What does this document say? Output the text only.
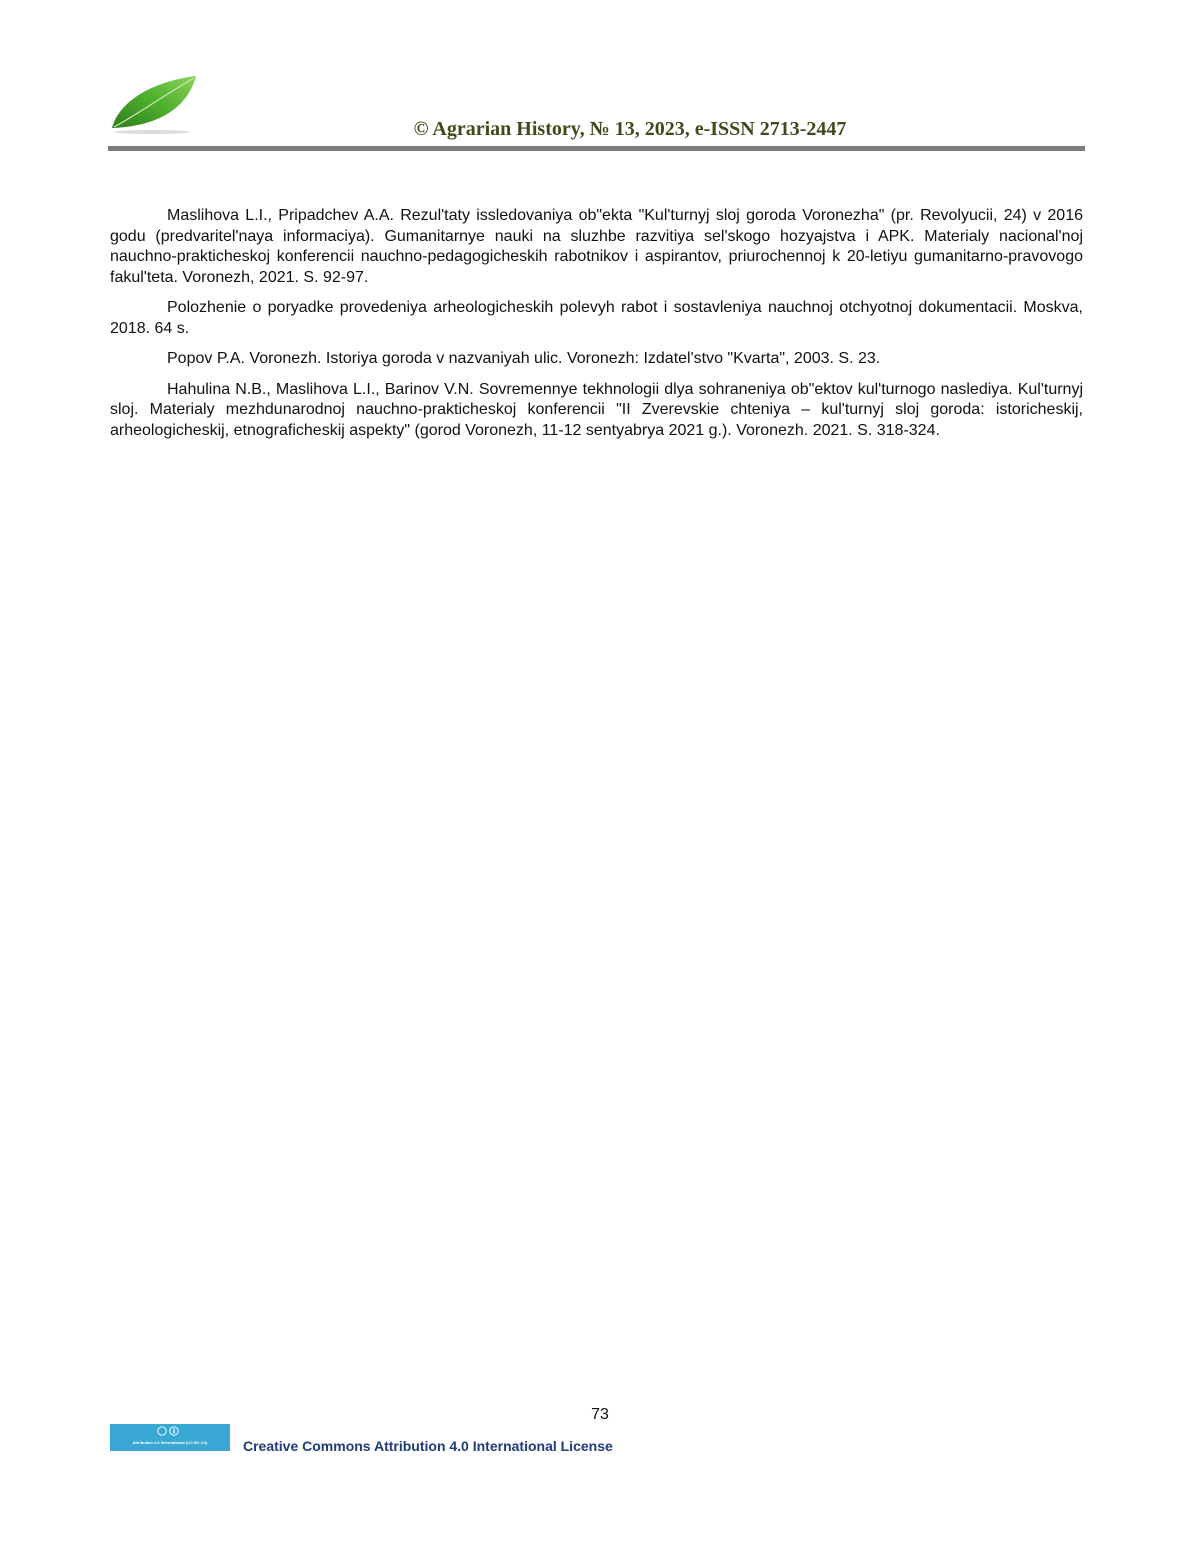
© Agrarian History, № 13, 2023, e-ISSN 2713-2447

Maslihova L.I., Pripadchev A.A. Rezul'taty issledovaniya ob"ekta "Kul'turnyj sloj goroda Voronezha" (pr. Revolyucii, 24) v 2016 godu (predvaritel'naya informaciya). Gumanitarnye nauki na sluzhbe razvitiya sel'skogo hozyajstva i APK. Materialy nacional'noj nauchno-prakticheskoj konferencii nauchno-pedagogicheskih rabotnikov i aspirantov, priurochennoj k 20-letiyu gumanitarno-pravovogo fakul'teta. Voronezh, 2021. S. 92-97.

Polozhenie o poryadke provedeniya arheologicheskih polevyh rabot i sostavleniya nauchnoj otchyotnoj dokumentacii. Moskva, 2018. 64 s.

Popov P.A. Voronezh. Istoriya goroda v nazvaniyah ulic. Voronezh: Izdatel'stvo "Kvarta", 2003. S. 23.

Hahulina N.B., Maslihova L.I., Barinov V.N. Sovremennye tekhnologii dlya sohraneniya ob"ektov kul'turnogo naslediya. Kul'turnyj sloj. Materialy mezhdunarodnoj nauchno-prakticheskoj konferencii "II Zverevskie chteniya – kul'turnyj sloj goroda: istoricheskij, arheologicheskij, etnograficheskij aspekty" (gorod Voronezh, 11-12 sentyabrya 2021 g.). Voronezh. 2021. S. 318-324.

73
Attribution 4.0 International (CC BY 4.0)	Creative Commons Attribution 4.0 International License
